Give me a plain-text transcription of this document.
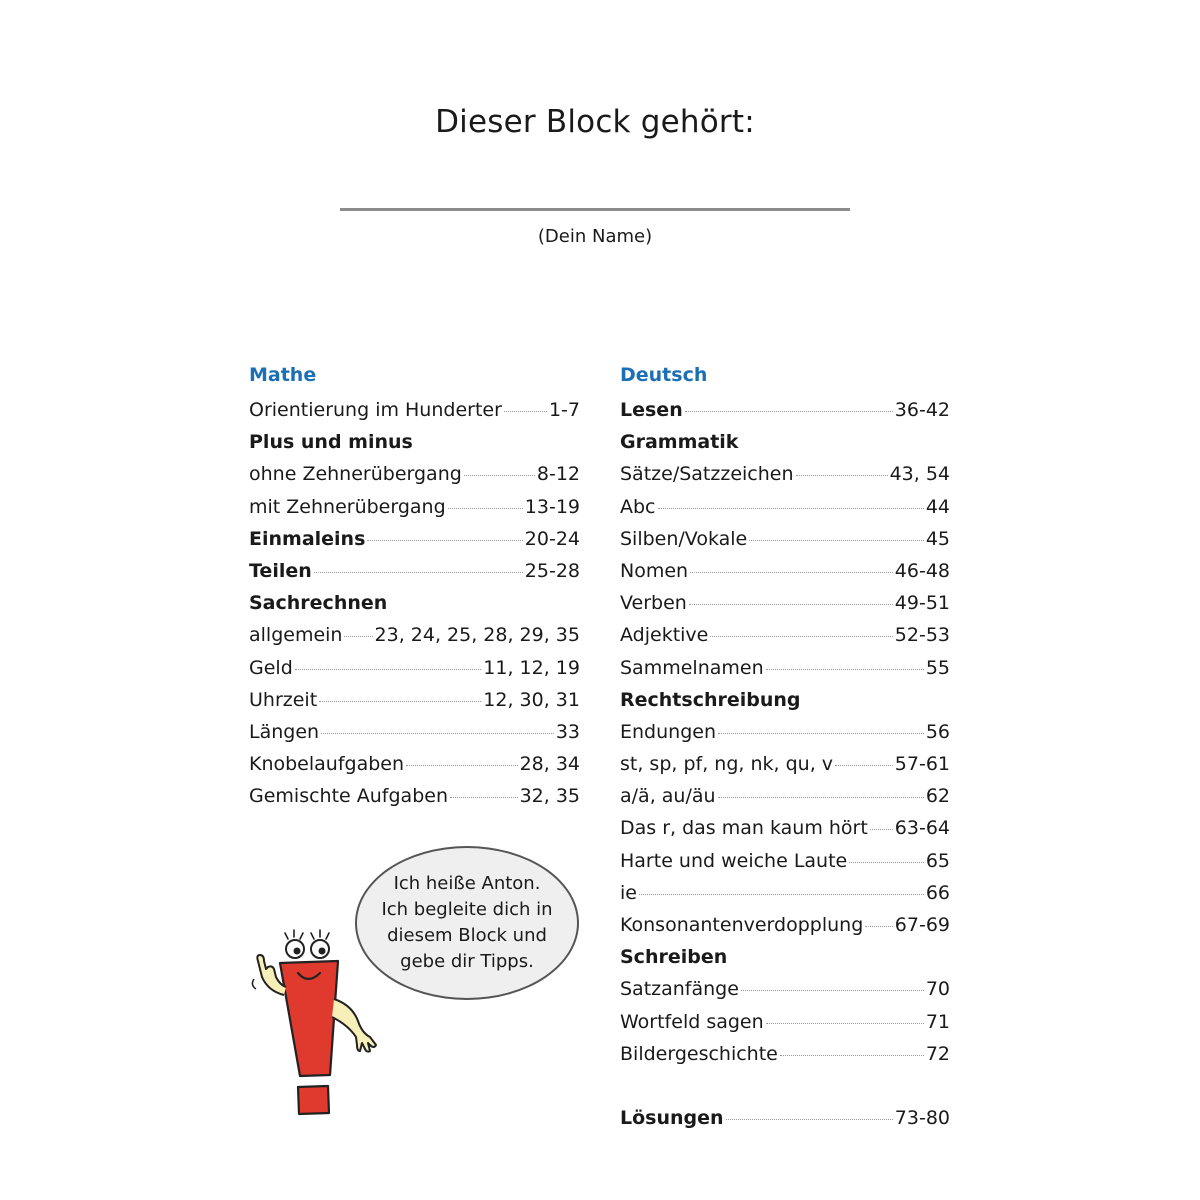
Dieser Block gehört:
(Dein Name)
Mathe
Orientierung im Hunderter 1-7
Plus und minus
ohne Zehnerübergang	8-12
mit Zehnerübergang	13-19
Einmaleins	20-24
Teilen	25-28
Sachrechnen
allgemein 23, 24, 25, 28, 29, 35
Geld	11, 12, 19
Uhrzeit	12, 30, 31
Längen	33
Knobelaufgaben	28, 34
Gemischte Aufgaben	32, 35
Deutsch
Lesen	36-42
Grammatik
Sätze/Satzzeichen	43, 54
Abc	44
Silben/Vokale	45
Nomen	46-48
Verben	49-51
Adjektive	52-53
Sammelnamen	55
Rechtschreibung
Endungen	56
st, sp, pf, ng, nk, qu, v	57-61
a/ä, au/äu	62
Das r, das man kaum hört 63-64
Harte und weiche Laute	65
ie	66
Konsonantenverdopplung 67-69
Schreiben
Satzanfänge	70
Wortfeld sagen	71
Bildergeschichte	72
Lösungen	73-80
Ich heiße Anton.
Ich begleite dich in
diesem Block und
gebe dir Tipps.
